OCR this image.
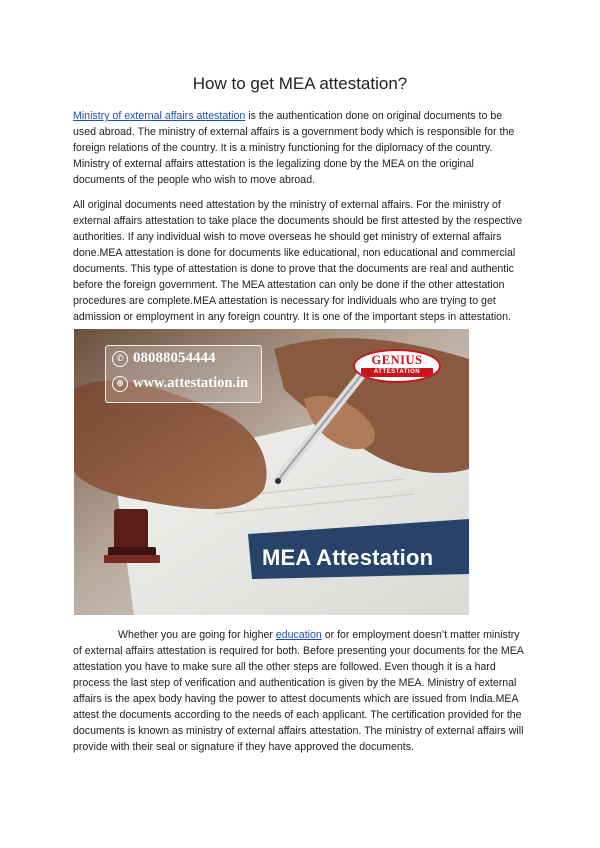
How to get MEA attestation?

Ministry of external affairs attestation is the authentication done on original documents to be used abroad. The ministry of external affairs is a government body which is responsible for the foreign relations of the country. It is a ministry functioning for the diplomacy of the country. Ministry of external affairs attestation is the legalizing done by the MEA on the original documents of the people who wish to move abroad.

All original documents need attestation by the ministry of external affairs. For the ministry of external affairs attestation to take place the documents should be first attested by the respective authorities. If any individual wish to move overseas he should get ministry of external affairs done.MEA attestation is done for documents like educational, non educational and commercial documents. This type of attestation is done to prove that the documents are real and authentic before the foreign government. The MEA attestation can only be done if the other attestation procedures are complete.MEA attestation is necessary for individuals who are trying to get admission or employment in any foreign country. It is one of the important steps in attestation.

✆ 08088054444
⊕ www.attestation.in
GENIUS
ATTESTATION
MEA Attestation

Whether you are going for higher education or for employment doesn’t matter ministry of external affairs attestation is required for both. Before presenting your documents for the MEA attestation you have to make sure all the other steps are followed. Even though it is a hard process the last step of verification and authentication is given by the MEA. Ministry of external affairs is the apex body having the power to attest documents which are issued from India.MEA attest the documents according to the needs of each applicant. The certification provided for the documents is known as ministry of external affairs attestation. The ministry of external affairs will provide with their seal or signature if they have approved the documents.
